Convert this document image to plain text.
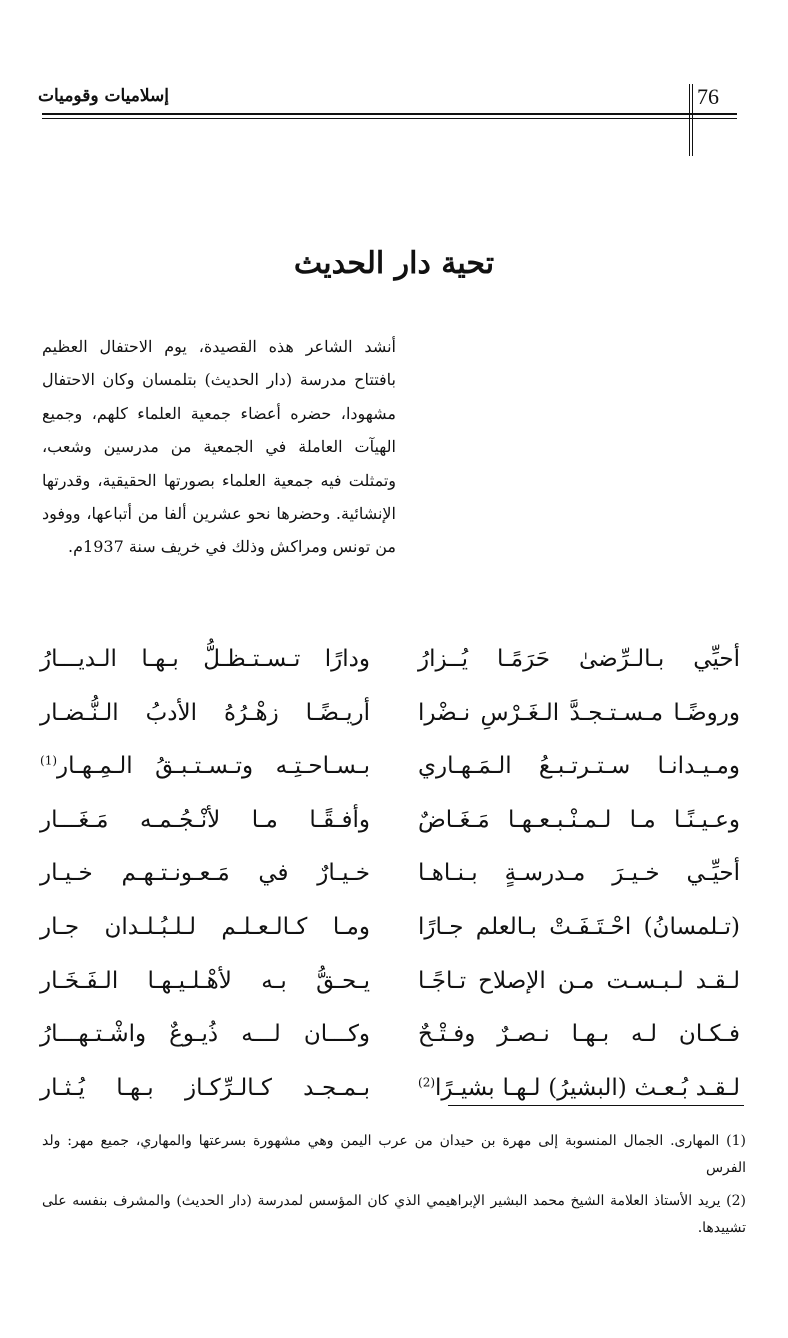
إسلاميات وقوميات	76
تحية دار الحديث

أنشد الشاعر هذه القصيدة، يوم الاحتفال العظيم بافتتاح مدرسة (دار الحديث) بتلمسان وكان الاحتفال مشهودا، حضره أعضاء جمعية العلماء كلهم، وجميع الهيآت العاملة في الجمعية من مدرسين وشعب، وتمثلت فيه جمعية العلماء بصورتها الحقيقية، وقدرتها الإنشائية. وحضرها نحو عشرين ألفا من أتباعها، ووفود من تونس ومراكش وذلك في خريف سنة 1937م.

أحيِّي بـالـرِّضىٰ حَرَمًـا يُــزارُ
ودارًا تـسـتـظـلُّ بـهـا الـديـــارُ
وروضًـا مـسـتـجـدَّ الـغَـرْسِ نـضْرا
أريـضًـا زهْـرُهُ الأدبُ الـنُّـضـار
ومـيـدانـا سـتـرتـبـعُ الـمَـهـاري
بـسـاحـتِـه وتـسـتـبـقُ الـمِـهـار$^{(1)}$
وعـيـنًـا مـا لـمـنْـبـعـهـا مَـغَـاضٌ
وأفـقًـا مـا لأنْـجُـمـه مَـغَـــار
أحيِّـي خـيـرَ مـدرسـةٍ بـنـاهـا
خـيـارٌ في مَـعـونـتـهـم خـيـار
(تـلمسانُ) احْـتَـفَـتْ بـالعلم جـارًا
ومـا كـالـعـلـم لـلـبُـلـدان جـار
لـقـد لـبـسـت مـن الإصلاح تـاجًـا
يـحـقُّ بـه لأهْـلـيـهـا الـفَـخَـار
فـكـان لـه بـهـا نـصـرٌ وفـتْـحٌ
وكـــان لـــه ذُيـوعٌ واشْـتـهـــارُ
لـقـد بُـعـث (البشيرُ) لـهـا بشيـرًا$^{(2)}$
بـمـجـد كـالـرِّكـاز بـهـا يُـثـار

(1) المهارى. الجمال المنسوبة إلى مهرة بن حيدان من عرب اليمن وهي مشهورة بسرعتها والمهاري، جميع مهر: ولد الفرس

(2) يريد الأستاذ العلامة الشيخ محمد البشير الإبراهيمي الذي كان المؤسس لمدرسة (دار الحديث) والمشرف بنفسه على تشييدها.
